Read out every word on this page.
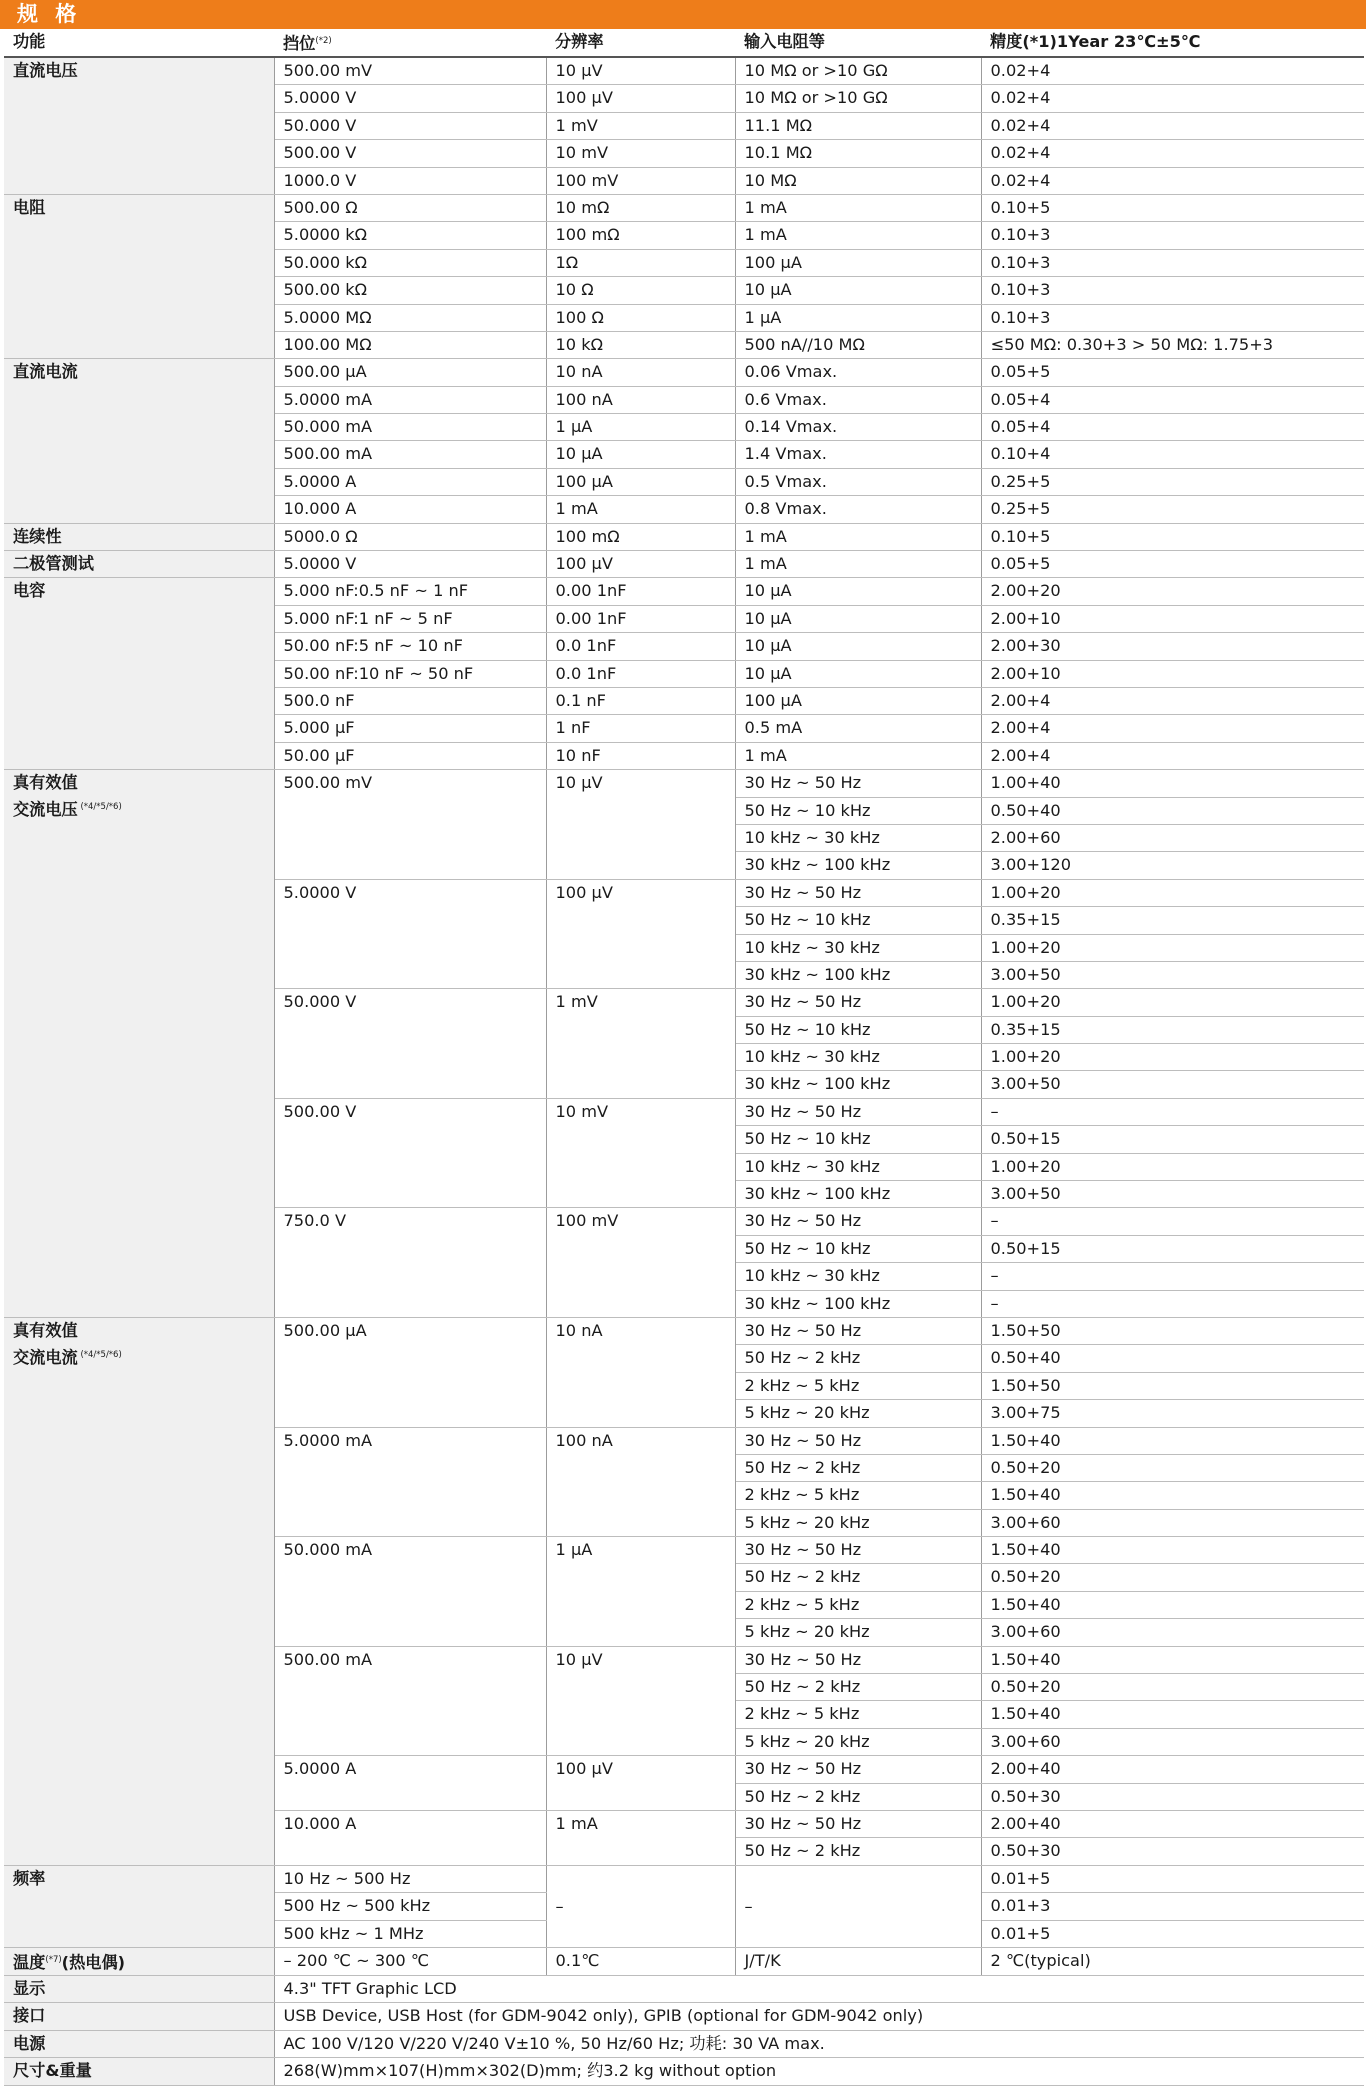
规 格
功能	挡位$^{(*2)}$	分辨率	输入电阻等	精度(*1)1Year 23℃±5℃
直流电压	500.00 mV	10 μV	10 MΩ or >10 GΩ	0.02+4
	5.0000 V	100 μV	10 MΩ or >10 GΩ	0.02+4
	50.000 V	1 mV	11.1 MΩ	0.02+4
	500.00 V	10 mV	10.1 MΩ	0.02+4
	1000.0 V	100 mV	10 MΩ	0.02+4
电阻	500.00 Ω	10 mΩ	1 mA	0.10+5
	5.0000 kΩ	100 mΩ	1 mA	0.10+3
	50.000 kΩ	1Ω	100 μA	0.10+3
	500.00 kΩ	10 Ω	10 μA	0.10+3
	5.0000 MΩ	100 Ω	1 μA	0.10+3
	100.00 MΩ	10 kΩ	500 nA//10 MΩ	≤50 MΩ: 0.30+3 > 50 MΩ: 1.75+3
直流电流	500.00 μA	10 nA	0.06 Vmax.	0.05+5
	5.0000 mA	100 nA	0.6 Vmax.	0.05+4
	50.000 mA	1 μA	0.14 Vmax.	0.05+4
	500.00 mA	10 μA	1.4 Vmax.	0.10+4
	5.0000 A	100 μA	0.5 Vmax.	0.25+5
	10.000 A	1 mA	0.8 Vmax.	0.25+5
连续性	5000.0 Ω	100 mΩ	1 mA	0.10+5
二极管测试	5.0000 V	100 μV	1 mA	0.05+5
电容	5.000 nF:0.5 nF ~ 1 nF	0.00 1nF	10 μA	2.00+20
	5.000 nF:1 nF ~ 5 nF	0.00 1nF	10 μA	2.00+10
	50.00 nF:5 nF ~ 10 nF	0.0 1nF	10 μA	2.00+30
	50.00 nF:10 nF ~ 50 nF	0.0 1nF	10 μA	2.00+10
	500.0 nF	0.1 nF	100 μA	2.00+4
	5.000 μF	1 nF	0.5 mA	2.00+4
	50.00 μF	10 nF	1 mA	2.00+4

真有效值
交流电压 $^{(*4/*5/*6)}$	500.00 mV	10 μV	30 Hz ~ 50 Hz	1.00+40
			50 Hz ~ 10 kHz	0.50+40
			10 kHz ~ 30 kHz	2.00+60
			30 kHz ~ 100 kHz	3.00+120
	5.0000 V	100 μV	30 Hz ~ 50 Hz	1.00+20
			50 Hz ~ 10 kHz	0.35+15
			10 kHz ~ 30 kHz	1.00+20
			30 kHz ~ 100 kHz	3.00+50
	50.000 V	1 mV	30 Hz ~ 50 Hz	1.00+20
			50 Hz ~ 10 kHz	0.35+15
			10 kHz ~ 30 kHz	1.00+20
			30 kHz ~ 100 kHz	3.00+50
	500.00 V	10 mV	30 Hz ~ 50 Hz	–
			50 Hz ~ 10 kHz	0.50+15
			10 kHz ~ 30 kHz	1.00+20
			30 kHz ~ 100 kHz	3.00+50
	750.0 V	100 mV	30 Hz ~ 50 Hz	–
			50 Hz ~ 10 kHz	0.50+15
			10 kHz ~ 30 kHz	–
			30 kHz ~ 100 kHz	–

真有效值
交流电流 $^{(*4/*5/*6)}$	500.00 μA	10 nA	30 Hz ~ 50 Hz	1.50+50
			50 Hz ~ 2 kHz	0.50+40
			2 kHz ~ 5 kHz	1.50+50
			5 kHz ~ 20 kHz	3.00+75
	5.0000 mA	100 nA	30 Hz ~ 50 Hz	1.50+40
			50 Hz ~ 2 kHz	0.50+20
			2 kHz ~ 5 kHz	1.50+40
			5 kHz ~ 20 kHz	3.00+60
	50.000 mA	1 μA	30 Hz ~ 50 Hz	1.50+40
			50 Hz ~ 2 kHz	0.50+20
			2 kHz ~ 5 kHz	1.50+40
			5 kHz ~ 20 kHz	3.00+60
	500.00 mA	10 μV	30 Hz ~ 50 Hz	1.50+40
			50 Hz ~ 2 kHz	0.50+20
			2 kHz ~ 5 kHz	1.50+40
			5 kHz ~ 20 kHz	3.00+60
	5.0000 A	100 μV	30 Hz ~ 50 Hz	2.00+40
			50 Hz ~ 2 kHz	0.50+30
	10.000 A	1 mA	30 Hz ~ 50 Hz	2.00+40
			50 Hz ~ 2 kHz	0.50+30
频率	10 Hz ~ 500 Hz	–	–	0.01+5
	500 Hz ~ 500 kHz			0.01+3
	500 kHz ~ 1 MHz			0.01+5
温度$^{(*7)}$(热电偶)	– 200 ℃ ~ 300 ℃	0.1℃	J/T/K	2 ℃(typical)
显示	4.3" TFT Graphic LCD			
接口	USB Device, USB Host (for GDM-9042 only), GPIB (optional for GDM-9042 only)			
电源	AC 100 V/120 V/220 V/240 V±10 %, 50 Hz/60 Hz; 功耗: 30 VA max.			
尺寸&重量	268(W)mm×107(H)mm×302(D)mm; 约3.2 kg without option			
